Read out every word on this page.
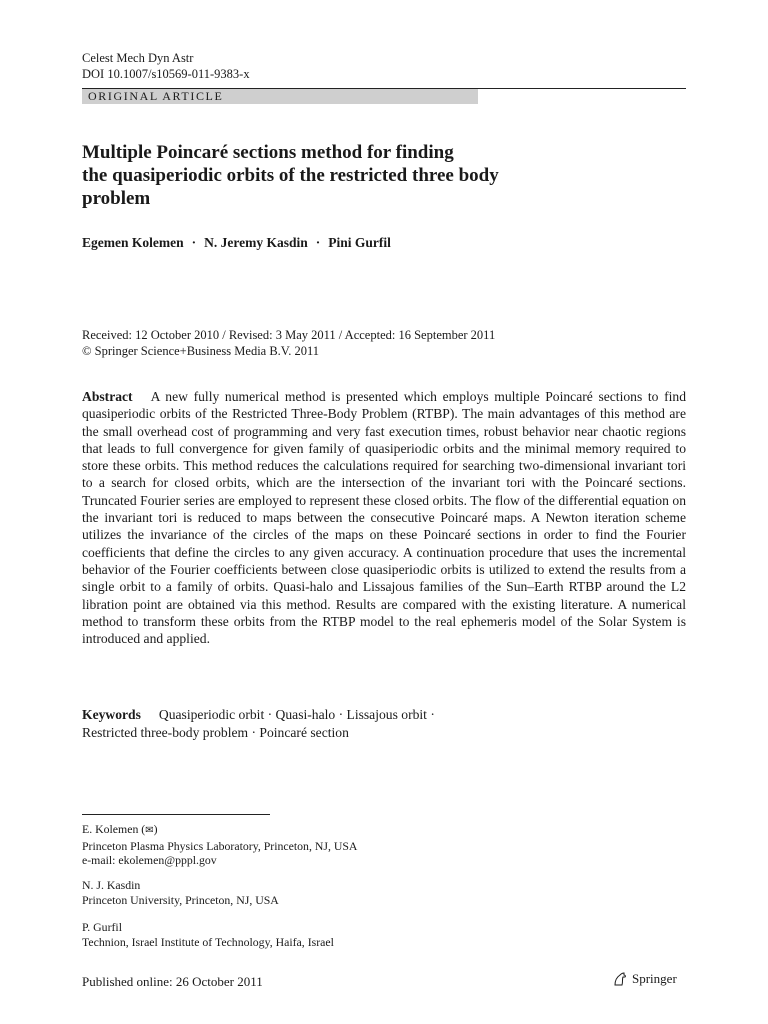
Celest Mech Dyn Astr
DOI 10.1007/s10569-011-9383-x
ORIGINAL ARTICLE
Multiple Poincaré sections method for finding
the quasiperiodic orbits of the restricted three body
problem
Egemen Kolemen · N. Jeremy Kasdin · Pini Gurfil
Received: 12 October 2010 / Revised: 3 May 2011 / Accepted: 16 September 2011
© Springer Science+Business Media B.V. 2011
Abstract A new fully numerical method is presented which employs multiple Poincaré sections to find quasiperiodic orbits of the Restricted Three-Body Problem (RTBP). The main advantages of this method are the small overhead cost of programming and very fast execution times, robust behavior near chaotic regions that leads to full convergence for given family of quasiperiodic orbits and the minimal memory required to store these orbits. This method reduces the calculations required for searching two-dimensional invariant tori to a search for closed orbits, which are the intersection of the invariant tori with the Poincaré sections. Truncated Fourier series are employed to represent these closed orbits. The flow of the differential equation on the invariant tori is reduced to maps between the consecutive Poincaré maps. A Newton iteration scheme utilizes the invariance of the circles of the maps on these Poincaré sections in order to find the Fourier coefficients that define the circles to any given accuracy. A continuation procedure that uses the incremental behavior of the Fourier coefficients between close quasiperiodic orbits is utilized to extend the results from a single orbit to a family of orbits. Quasi-halo and Lissajous families of the Sun–Earth RTBP around the L2 libration point are obtained via this method. Results are compared with the existing literature. A numerical method to transform these orbits from the RTBP model to the real ephemeris model of the Solar System is introduced and applied.
Keywords Quasiperiodic orbit · Quasi-halo · Lissajous orbit ·
Restricted three-body problem · Poincaré section
E. Kolemen (✉)
Princeton Plasma Physics Laboratory, Princeton, NJ, USA
e-mail: ekolemen@pppl.gov
N. J. Kasdin
Princeton University, Princeton, NJ, USA
P. Gurfil
Technion, Israel Institute of Technology, Haifa, Israel
Published online: 26 October 2011	Springer
